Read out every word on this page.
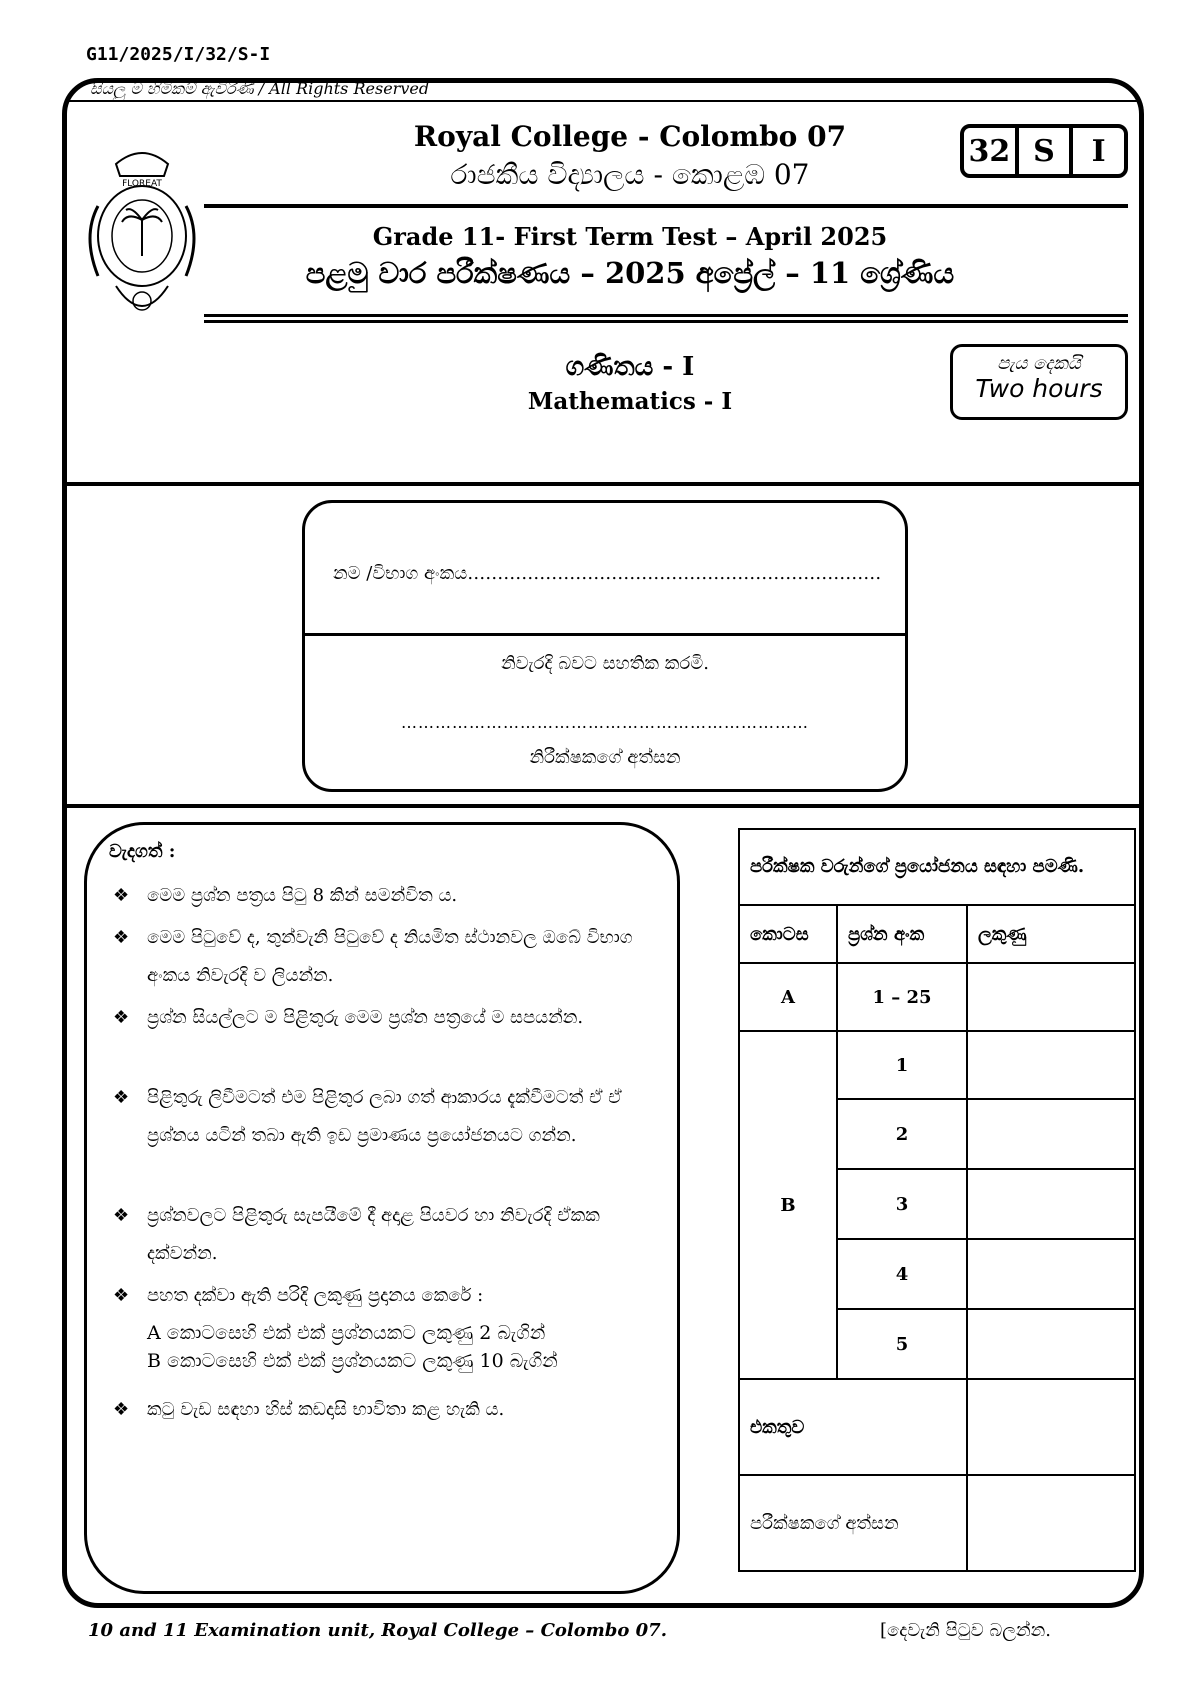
G11/2025/I/32/S-I
සියලු ම හිමිකම් ඇවිරිණි / All Rights Reserved
FLOREAT
Royal College - Colombo 07
රාජකීය විද්‍යාලය - කොළඹ 07
32 S	I
Grade 11- First Term Test – April 2025
පළමු වාර පරීක්ෂණය – 2025 අප්‍රේල් – 11 ශ්‍රේණිය
ගණිතය - I
Mathematics - I
පැය දෙකයි
Two hours
නම /විභාග අංකය……………………………………………………………
නිවැරදි බවට සහතික කරමි.
………………………………………………………………
නිරීක්ෂකගේ අත්සන
වැදගත් :
❖ මෙම ප්‍රශ්න පත්‍රය පිටු 8 කින් සමන්විත ය.
❖ මෙම පිටුවේ ද, තුන්වැනි පිටුවේ ද නියමිත ස්ථානවල ඔබේ විභාග අංකය නිවැරදි ව ලියන්න.
❖ ප්‍රශ්න සියල්ලට ම පිළිතුරු මෙම ප්‍රශ්න පත්‍රයේ ම සපයන්න.
❖ පිළිතුරු ලිවීමටත් එම පිළිතුර ලබා ගත් ආකාරය දැක්වීමටත් ඒ ඒ ප්‍රශ්නය යටින් තබා ඇති ඉඩ ප්‍රමාණය ප්‍රයෝජනයට ගන්න.
❖ ප්‍රශ්නවලට පිළිතුරු සැපයීමේ දී අදාළ පියවර හා නිවැරදි ඒකක දක්වන්න.
❖ පහත දක්වා ඇති පරිදි ලකුණු ප්‍රදානය කෙරේ :
A කොටසෙහි එක් එක් ප්‍රශ්නයකට ලකුණු 2 බැගින්
B කොටසෙහි එක් එක් ප්‍රශ්නයකට ලකුණු 10 බැගින්
❖ කටු වැඩ සඳහා හිස් කඩදාසි භාවිතා කළ හැකි ය.
පරීක්ෂක වරුන්ගේ ප්‍රයෝජනය සඳහා පමණි.		
කොටස	ප්‍රශ්න අංක	ලකුණු
A	1 – 25	
B	1	
	2	
	3	
	4	
	5	
එකතුව		
පරීක්ෂකගේ අත්සන		
10 and 11 Examination unit, Royal College – Colombo 07.	[දෙවැනි පිටුව බලන්න.
